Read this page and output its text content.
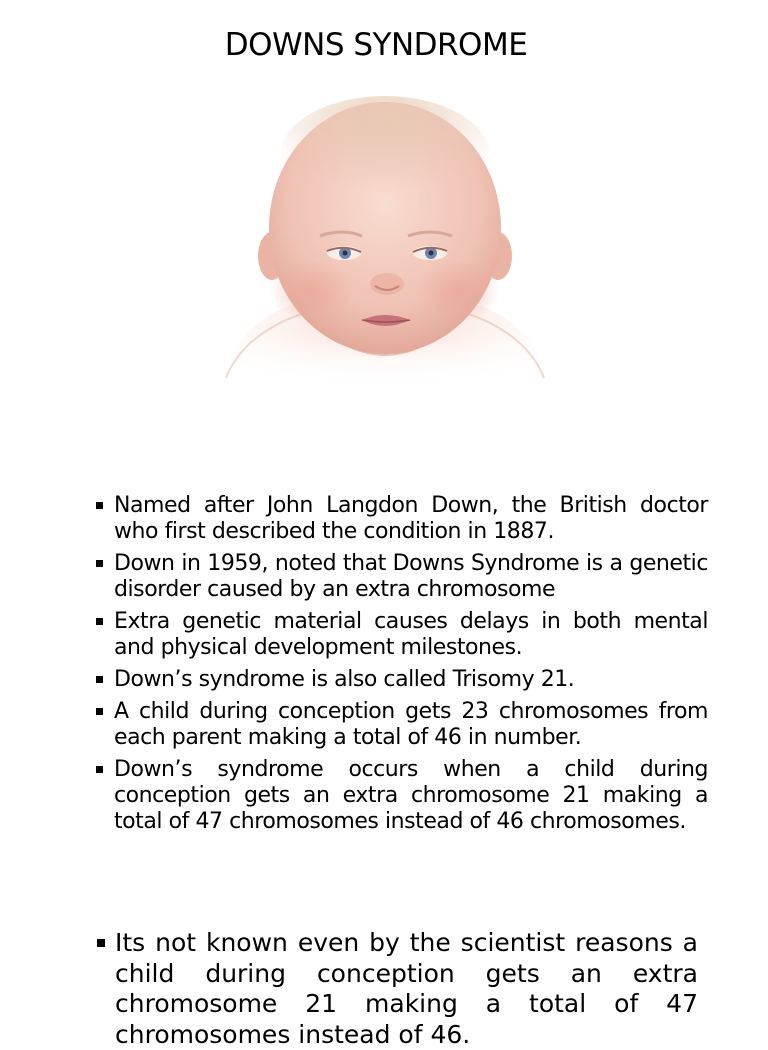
DOWNS SYNDROME
Named after John Langdon Down, the British doctor who first described the condition in 1887.
Down in 1959, noted that Downs Syndrome is a genetic disorder caused by an extra chromosome
Extra genetic material causes delays in both mental and physical development milestones.
Down’s syndrome is also called Trisomy 21.
A child during conception gets 23 chromosomes from each parent making a total of 46 in number.
Down’s syndrome occurs when a child during conception gets an extra chromosome 21 making a total of 47 chromosomes instead of 46 chromosomes.
Its not known even by the scientist reasons a child during conception gets an extra chromosome 21 making a total of 47 chromosomes instead of 46.
